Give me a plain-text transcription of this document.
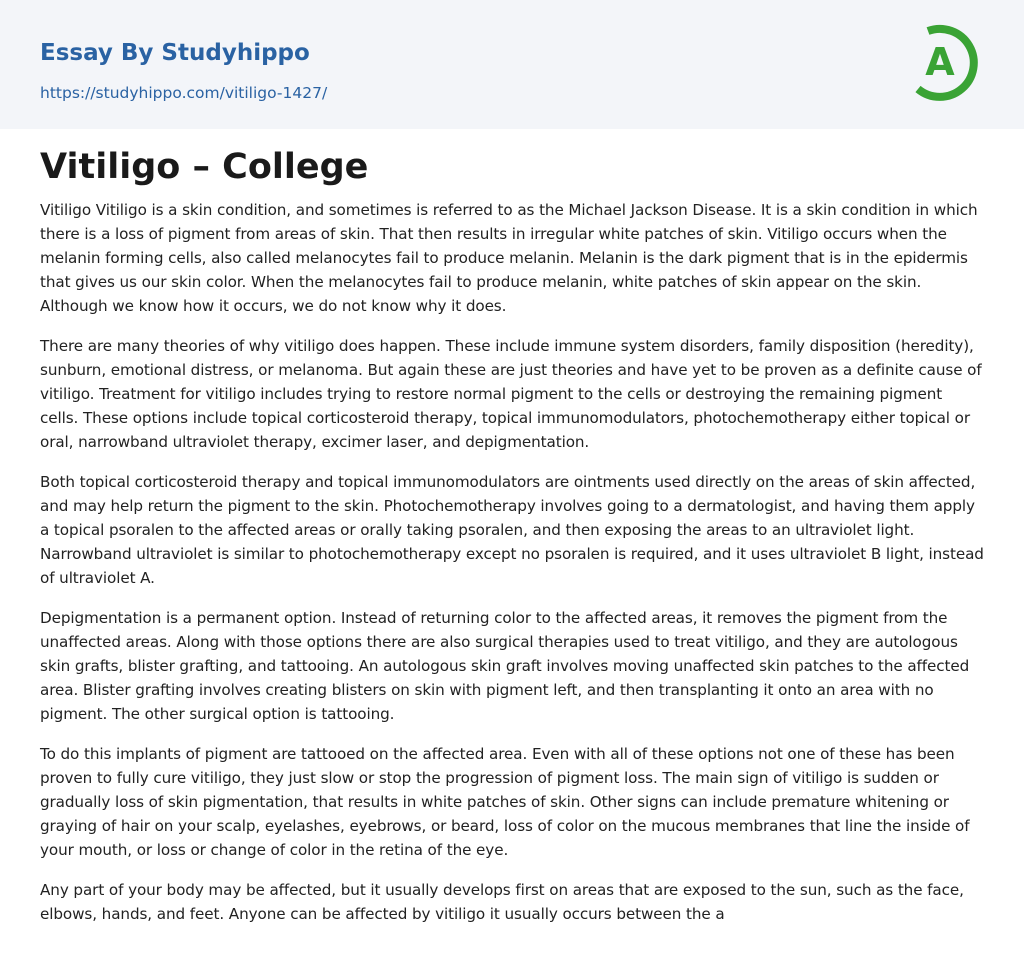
Essay By Studyhippo
https://studyhippo.com/vitiligo-1427/
A
Vitiligo – College

Vitiligo Vitiligo is a skin condition, and sometimes is referred to as the Michael Jackson Disease. It is a skin condition in which there is a loss of pigment from areas of skin. That then results in irregular white patches of skin. Vitiligo occurs when the melanin forming cells, also called melanocytes fail to produce melanin. Melanin is the dark pigment that is in the epidermis that gives us our skin color. When the melanocytes fail to produce melanin, white patches of skin appear on the skin. Although we know how it occurs, we do not know why it does.

There are many theories of why vitiligo does happen. These include immune system disorders, family disposition (heredity), sunburn, emotional distress, or melanoma. But again these are just theories and have yet to be proven as a definite cause of vitiligo. Treatment for vitiligo includes trying to restore normal pigment to the cells or destroying the remaining pigment cells. These options include topical corticosteroid therapy, topical immunomodulators, photochemotherapy either topical or oral, narrowband ultraviolet therapy, excimer laser, and depigmentation.

Both topical corticosteroid therapy and topical immunomodulators are ointments used directly on the areas of skin affected, and may help return the pigment to the skin. Photochemotherapy involves going to a dermatologist, and having them apply a topical psoralen to the affected areas or orally taking psoralen, and then exposing the areas to an ultraviolet light. Narrowband ultraviolet is similar to photochemotherapy except no psoralen is required, and it uses ultraviolet B light, instead of ultraviolet A.

Depigmentation is a permanent option. Instead of returning color to the affected areas, it removes the pigment from the unaffected areas. Along with those options there are also surgical therapies used to treat vitiligo, and they are autologous skin grafts, blister grafting, and tattooing. An autologous skin graft involves moving unaffected skin patches to the affected area. Blister grafting involves creating blisters on skin with pigment left, and then transplanting it onto an area with no pigment. The other surgical option is tattooing.

To do this implants of pigment are tattooed on the affected area. Even with all of these options not one of these has been proven to fully cure vitiligo, they just slow or stop the progression of pigment loss. The main sign of vitiligo is sudden or gradually loss of skin pigmentation, that results in white patches of skin. Other signs can include premature whitening or graying of hair on your scalp, eyelashes, eyebrows, or beard, loss of color on the mucous membranes that line the inside of your mouth, or loss or change of color in the retina of the eye.

Any part of your body may be affected, but it usually develops first on areas that are exposed to the sun, such as the face, elbows, hands, and feet. Anyone can be affected by vitiligo it usually occurs between the a
